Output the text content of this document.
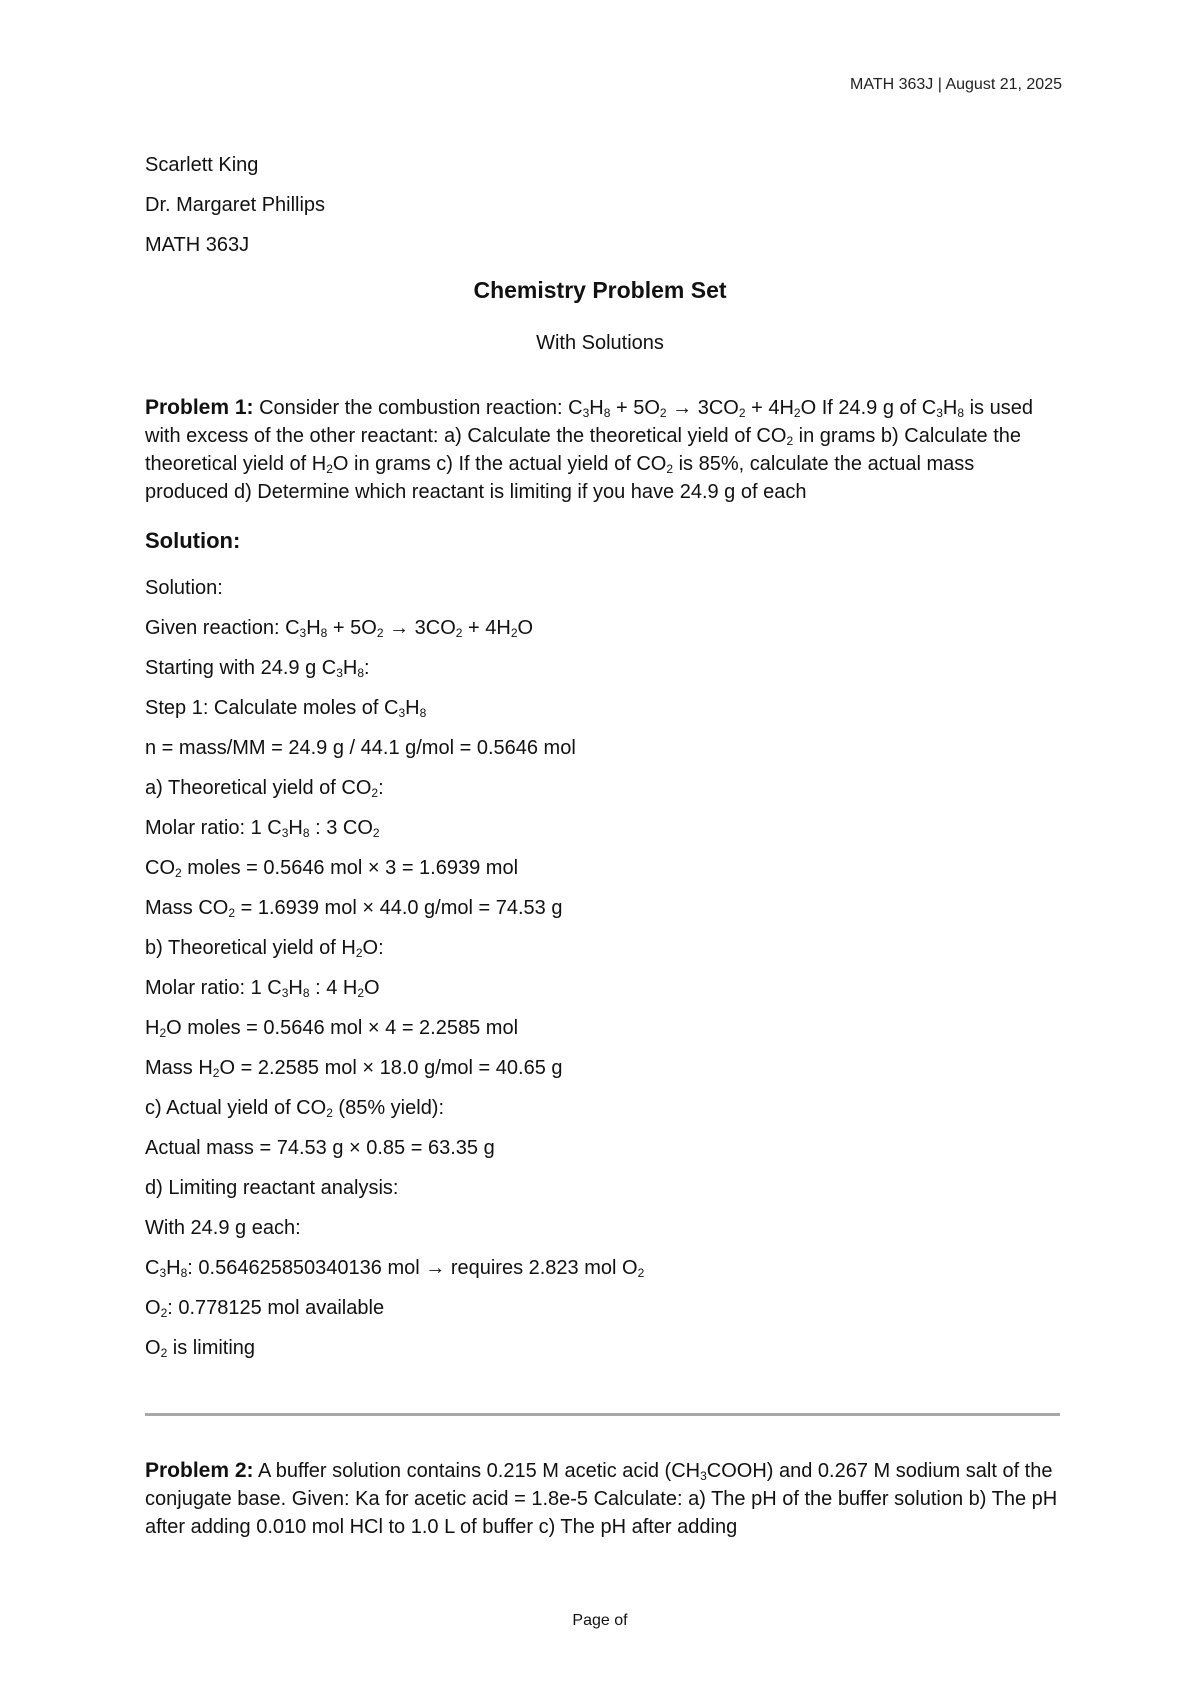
MATH 363J | August 21, 2025
Scarlett King
Dr. Margaret Phillips
MATH 363J
Chemistry Problem Set
With Solutions
Problem 1: Consider the combustion reaction: $C_3H_8 + 5O_2 \to 3CO_2 + 4H_2O$ If 24.9 g of $C_3H_8$ is used with excess of the other reactant: a) Calculate the theoretical yield of $CO_2$ in grams b) Calculate the theoretical yield of $H_2O$ in grams c) If the actual yield of $CO_2$ is 85%, calculate the actual mass produced d) Determine which reactant is limiting if you have 24.9 g of each
Solution:
Solution:
Given reaction: $C_3H_8 + 5O_2 \to 3CO_2 + 4H_2O$
Starting with 24.9 g $C_3H_8$:
Step 1: Calculate moles of $C_3H_8$
n = mass/MM = 24.9 g / 44.1 g/mol = 0.5646 mol
a) Theoretical yield of $CO_2$:
Molar ratio: 1 $C_3H_8$ : 3 $CO_2$
$CO_2$ moles = 0.5646 mol × 3 = 1.6939 mol
Mass $CO_2 = 1.6939$ mol × 44.0 g/mol = 74.53 g
b) Theoretical yield of $H_2O$:
Molar ratio: 1 $C_3H_8$ : 4 $H_2O$
$H_2O$ moles = 0.5646 mol × 4 = 2.2585 mol
Mass $H_2O = 2.2585$ mol × 18.0 g/mol = 40.65 g
c) Actual yield of $CO_2$ (85% yield):
Actual mass = 74.53 g × 0.85 = 63.35 g
d) Limiting reactant analysis:
With 24.9 g each:
$C_3H_8$: 0.564625850340136 mol → requires 2.823 mol $O_2$
$O_2$: 0.778125 mol available
$O_2$ is limiting
Problem 2: A buffer solution contains 0.215 M acetic acid $(CH_3COOH)$ and 0.267 M sodium salt of the conjugate base. Given: Ka for acetic acid = 1.8e-5 Calculate: a) The pH of the buffer solution b) The pH after adding 0.010 mol HCl to 1.0 L of buffer c) The pH after adding
Page of
